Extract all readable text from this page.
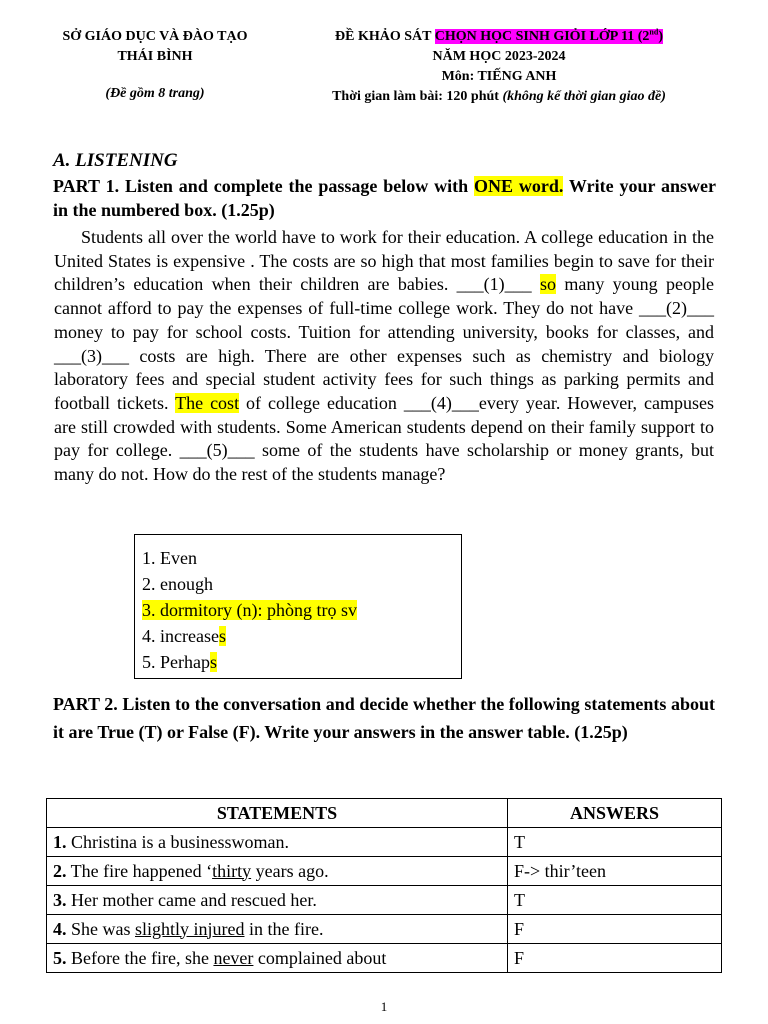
SỞ GIÁO DỤC VÀ ĐÀO TẠO
THÁI BÌNH
(Đề gồm 8 trang)
ĐỀ KHẢO SÁT CHỌN HỌC SINH GIỎI LỚP 11 (2nd)
NĂM HỌC 2023-2024
Môn: TIẾNG ANH
Thời gian làm bài: 120 phút (không kể thời gian giao đề)
A. LISTENING
PART 1. Listen and complete the passage below with ONE word. Write your answer in the numbered box. (1.25p)

Students all over the world have to work for their education. A college education in the United States is expensive . The costs are so high that most families begin to save for their children’s education when their children are babies. ___(1)___ so many young people cannot afford to pay the expenses of full-time college work. They do not have ___(2)___ money to pay for school costs. Tuition for attending university, books for classes, and ___(3)___ costs are high. There are other expenses such as chemistry and biology laboratory fees and special student activity fees for such things as parking permits and football tickets. The cost of college education ___(4)___every year. However, campuses are still crowded with students. Some American students depend on their family support to pay for college. ___(5)___ some of the students have scholarship or money grants, but many do not. How do the rest of the students manage?

1. Even
2. enough
3. dormitory (n): phòng trọ sv
4. increases
5. Perhaps
PART 2. Listen to the conversation and decide whether the following statements about it are True (T) or False (F). Write your answers in the answer table. (1.25p)
STATEMENTS	ANSWERS
1. Christina is a businesswoman.	T
2. The fire happened ‘thirty years ago.	F-> thir’teen
3. Her mother came and rescued her.	T
4. She was slightly injured in the fire.	F
5. Before the fire, she never complained about	F
1
